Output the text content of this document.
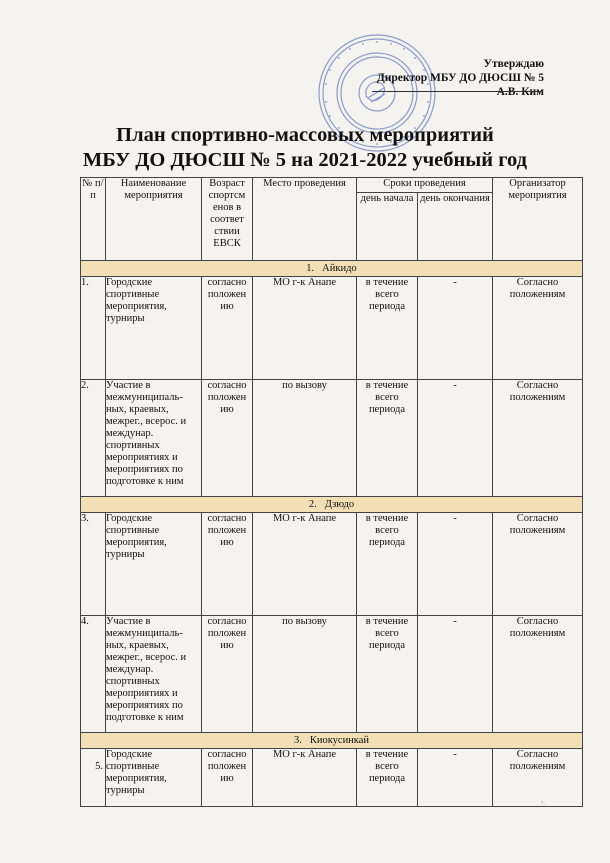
Утверждаю
Директор МБУ ДО ДЮСШ № 5
А.В. Ким
План спортивно-массовых мероприятий
МБУ ДО ДЮСШ № 5 на 2021-2022 учебный год
№ п/п	Наименование мероприятия	Возраст спортсм енов в соответ ствии ЕВСК	Место проведения	Сроки проведения		Организатор мероприятия
				день начала	день окончания	
1. Айкидо						
1.	Городские спортивные мероприятия, турниры	согласно положен ию	МО г-к Анапе	в течение всего периода	-	Согласно положениям
2.	Участие в межмуниципаль-ных, краевых, межрег., всерос. и междунар. спортивных мероприятиях и мероприятиях по подготовке к ним	согласно положен ию	по вызову	в течение всего периода	-	Согласно положениям
2. Дзюдо						
3.	Городские спортивные мероприятия, турниры	согласно положен ию	МО г-к Анапе	в течение всего периода	-	Согласно положениям
4.	Участие в межмуниципаль-ных, краевых, межрег., всерос. и междунар. спортивных мероприятиях и мероприятиях по подготовке к ним	согласно положен ию	по вызову	в течение всего периода	-	Согласно положениям
3. Киокусинкай						
5.	Городские спортивные мероприятия, турниры	согласно положен ию	МО г-к Анапе	в течение всего периода	-	Согласно положениям
